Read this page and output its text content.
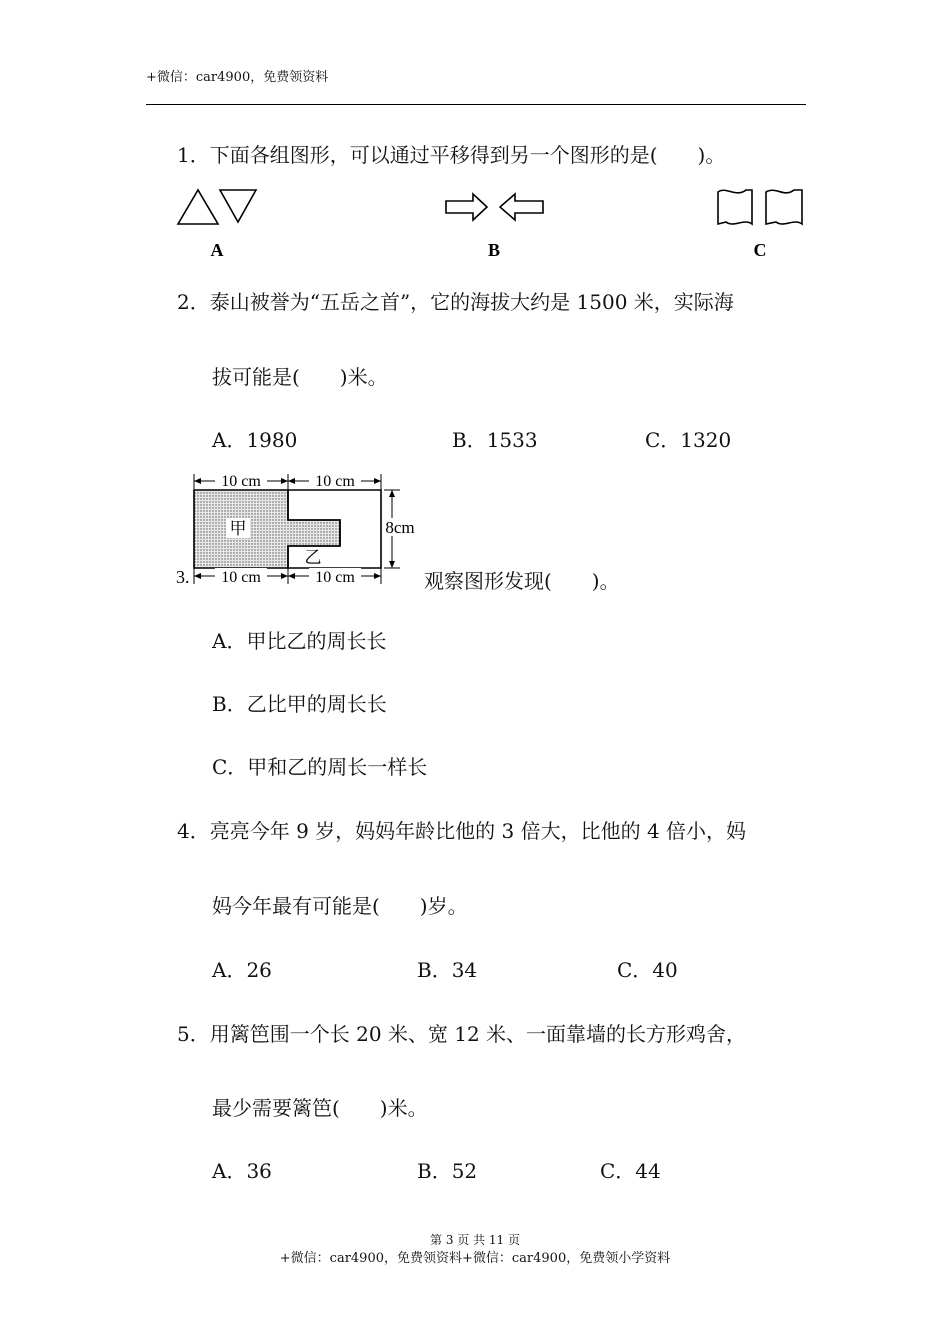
+微信：car4900，免费领资料
1．下面各组图形，可以通过平移得到另一个图形的是(　　)。
A	B	C
2．泰山被誉为“五岳之首”，它的海拔大约是 1500 米，实际海
拔可能是(　　)米。
A．1980	B．1533	C．1320
甲
乙
10 cm	10 cm
10 cm	10 cm
8cm
3.	观察图形发现(　　)。
A．甲比乙的周长长
B．乙比甲的周长长
C．甲和乙的周长一样长
4．亮亮今年 9 岁，妈妈年龄比他的 3 倍大，比他的 4 倍小，妈
妈今年最有可能是(　　)岁。
A．26	B．34	C．40
5．用篱笆围一个长 20 米、宽 12 米、一面靠墙的长方形鸡舍，
最少需要篱笆(　　)米。
A．36	B．52	C．44
第 3 页 共 11 页
+微信：car4900，免费领资料+微信：car4900，免费领小学资料
